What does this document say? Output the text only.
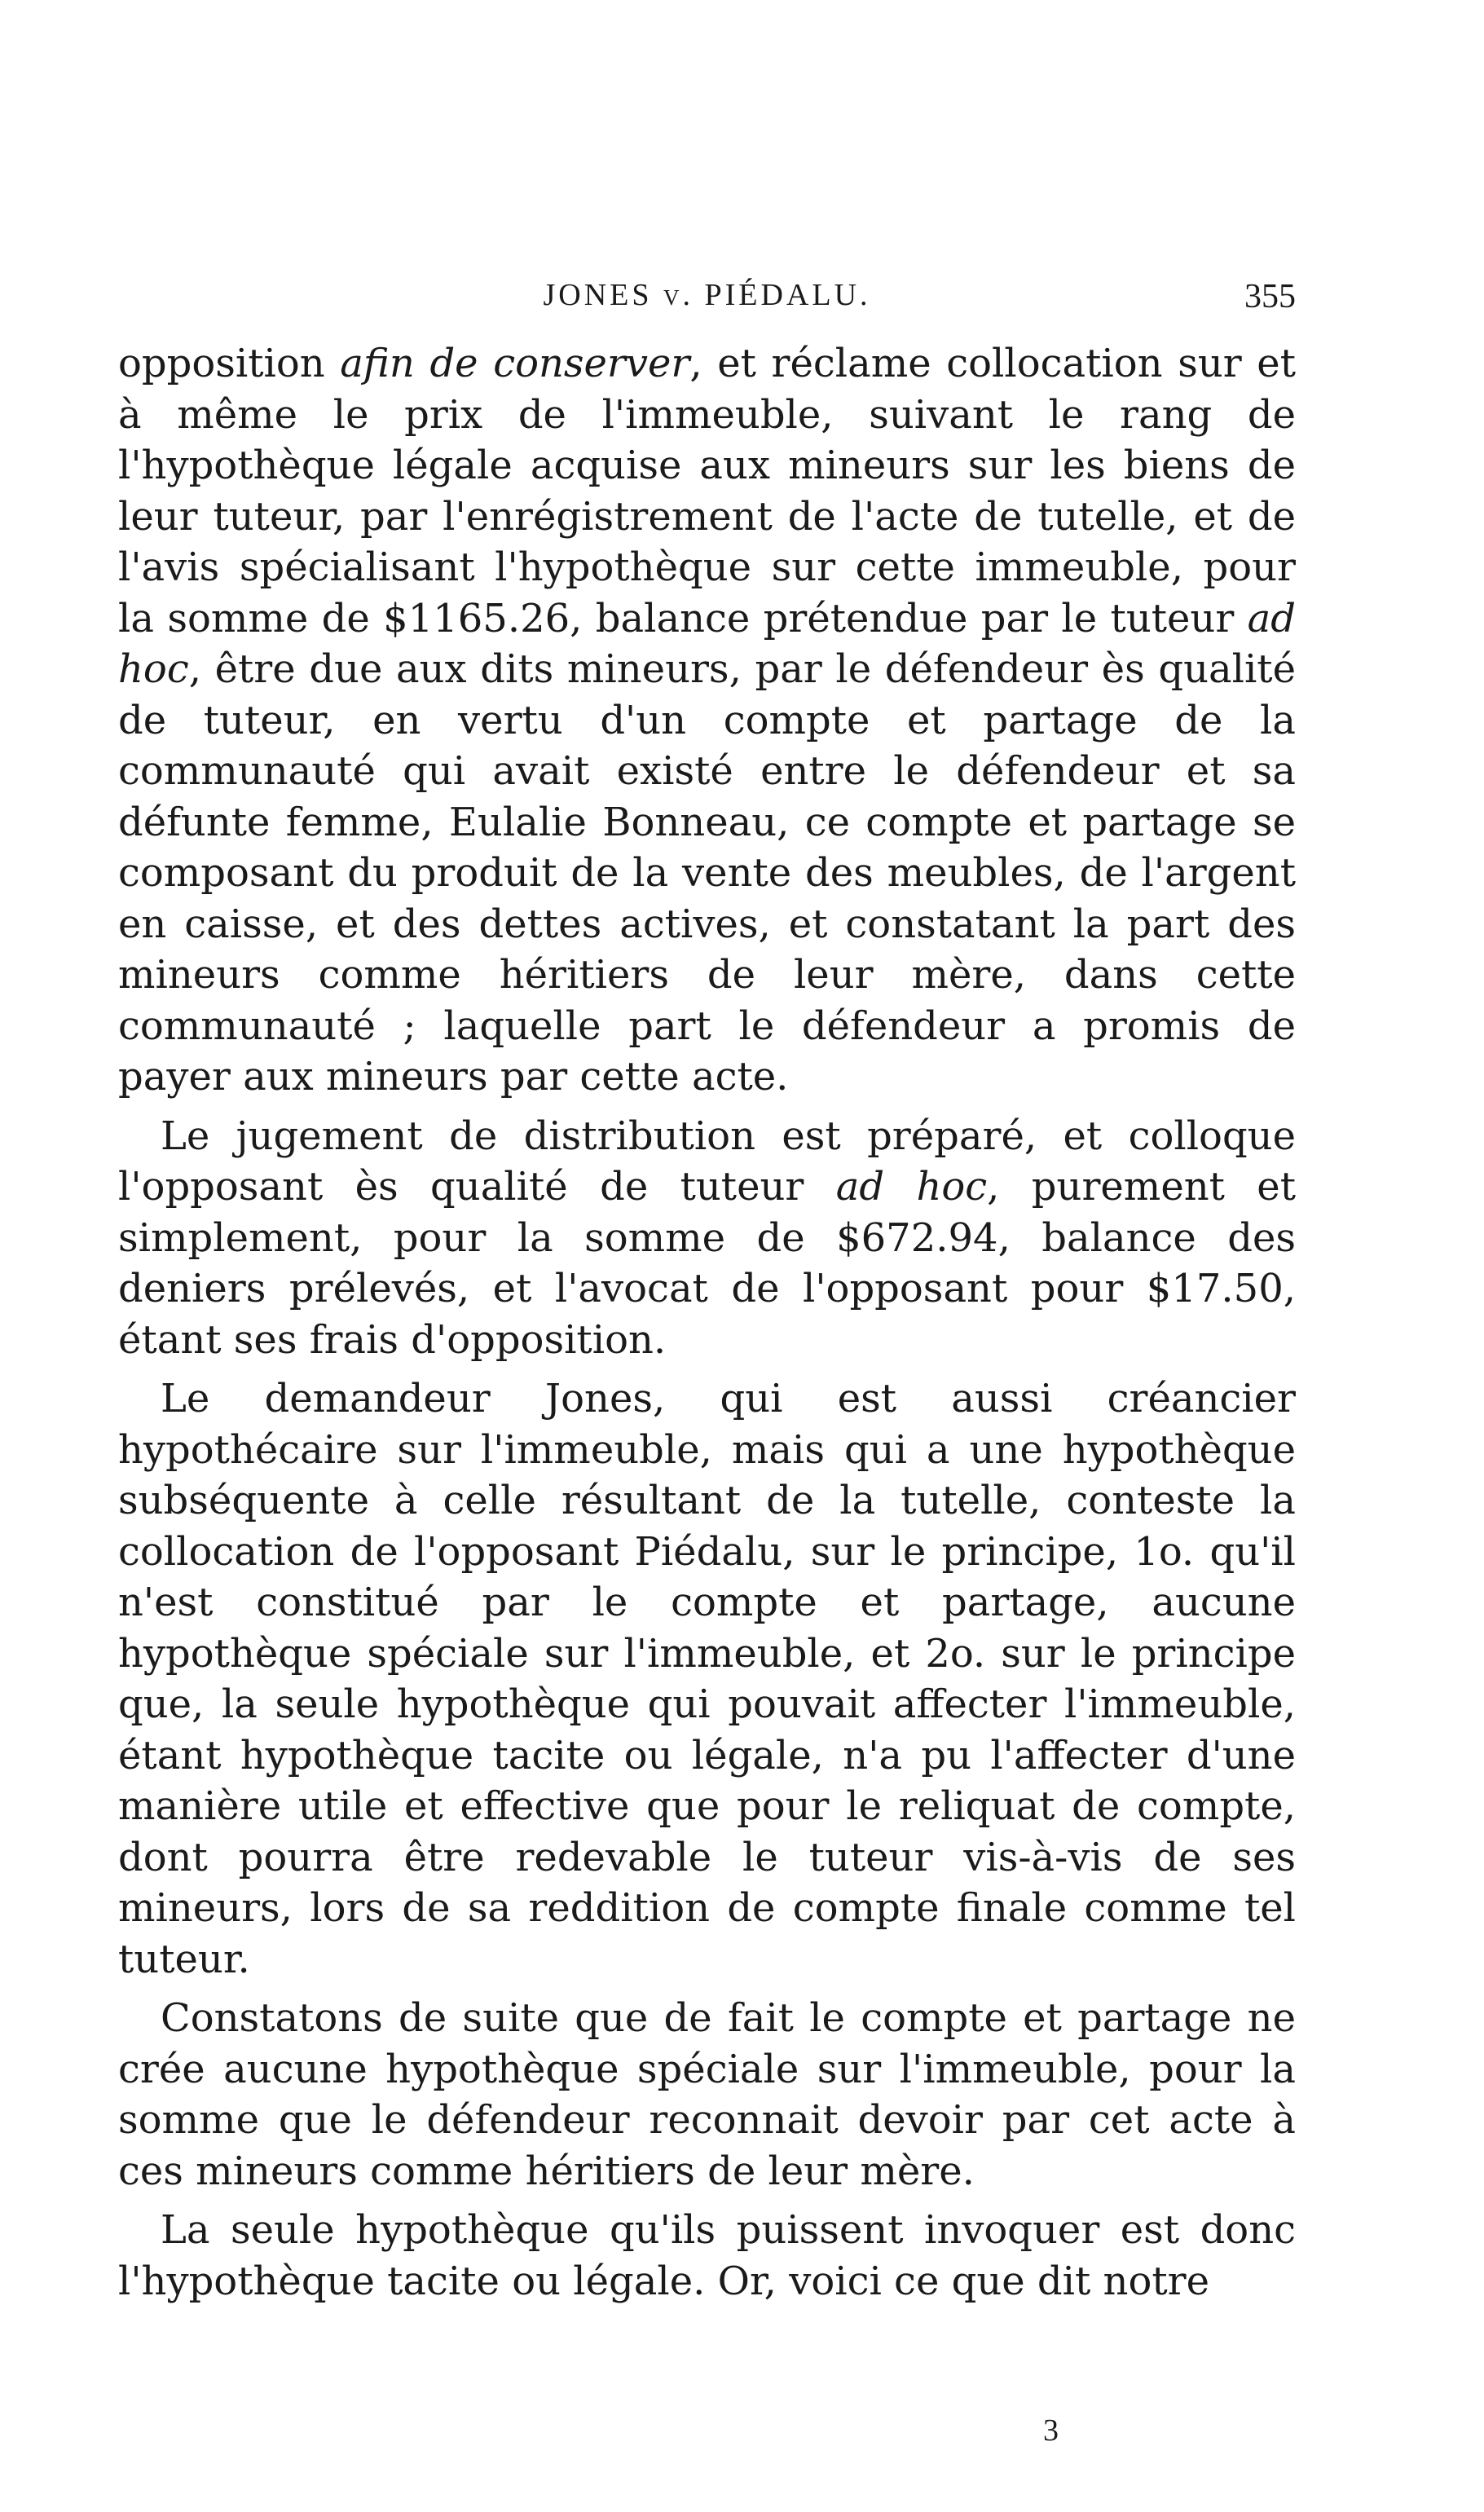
JONES v. PIÉDALU.	355

opposition afin de conserver, et réclame collocation sur et à même le prix de l'immeuble, suivant le rang de l'hypothèque légale acquise aux mineurs sur les biens de leur tuteur, par l'enrégistrement de l'acte de tutelle, et de l'avis spécialisant l'hypothèque sur cette immeuble, pour la somme de $1165.26, balance prétendue par le tuteur ad hoc, être due aux dits mineurs, par le défendeur ès qualité de tuteur, en vertu d'un compte et partage de la communauté qui avait existé entre le défendeur et sa défunte femme, Eulalie Bonneau, ce compte et partage se composant du produit de la vente des meubles, de l'argent en caisse, et des dettes actives, et constatant la part des mineurs comme héritiers de leur mère, dans cette communauté ; laquelle part le défendeur a promis de payer aux mineurs par cette acte.

Le jugement de distribution est préparé, et colloque l'opposant ès qualité de tuteur ad hoc, purement et simplement, pour la somme de $672.94, balance des deniers prélevés, et l'avocat de l'opposant pour $17.50, étant ses frais d'opposition.

Le demandeur Jones, qui est aussi créancier hypothécaire sur l'immeuble, mais qui a une hypothèque subséquente à celle résultant de la tutelle, conteste la collocation de l'opposant Piédalu, sur le principe, 1o. qu'il n'est constitué par le compte et partage, aucune hypothèque spéciale sur l'immeuble, et 2o. sur le principe que, la seule hypothèque qui pouvait affecter l'immeuble, étant hypothèque tacite ou légale, n'a pu l'affecter d'une manière utile et effective que pour le reliquat de compte, dont pourra être redevable le tuteur vis-à-vis de ses mineurs, lors de sa reddition de compte finale comme tel tuteur.

Constatons de suite que de fait le compte et partage ne crée aucune hypothèque spéciale sur l'immeuble, pour la somme que le défendeur reconnait devoir par cet acte à ces mineurs comme héritiers de leur mère.

La seule hypothèque qu'ils puissent invoquer est donc l'hypothèque tacite ou légale. Or, voici ce que dit notre

3
